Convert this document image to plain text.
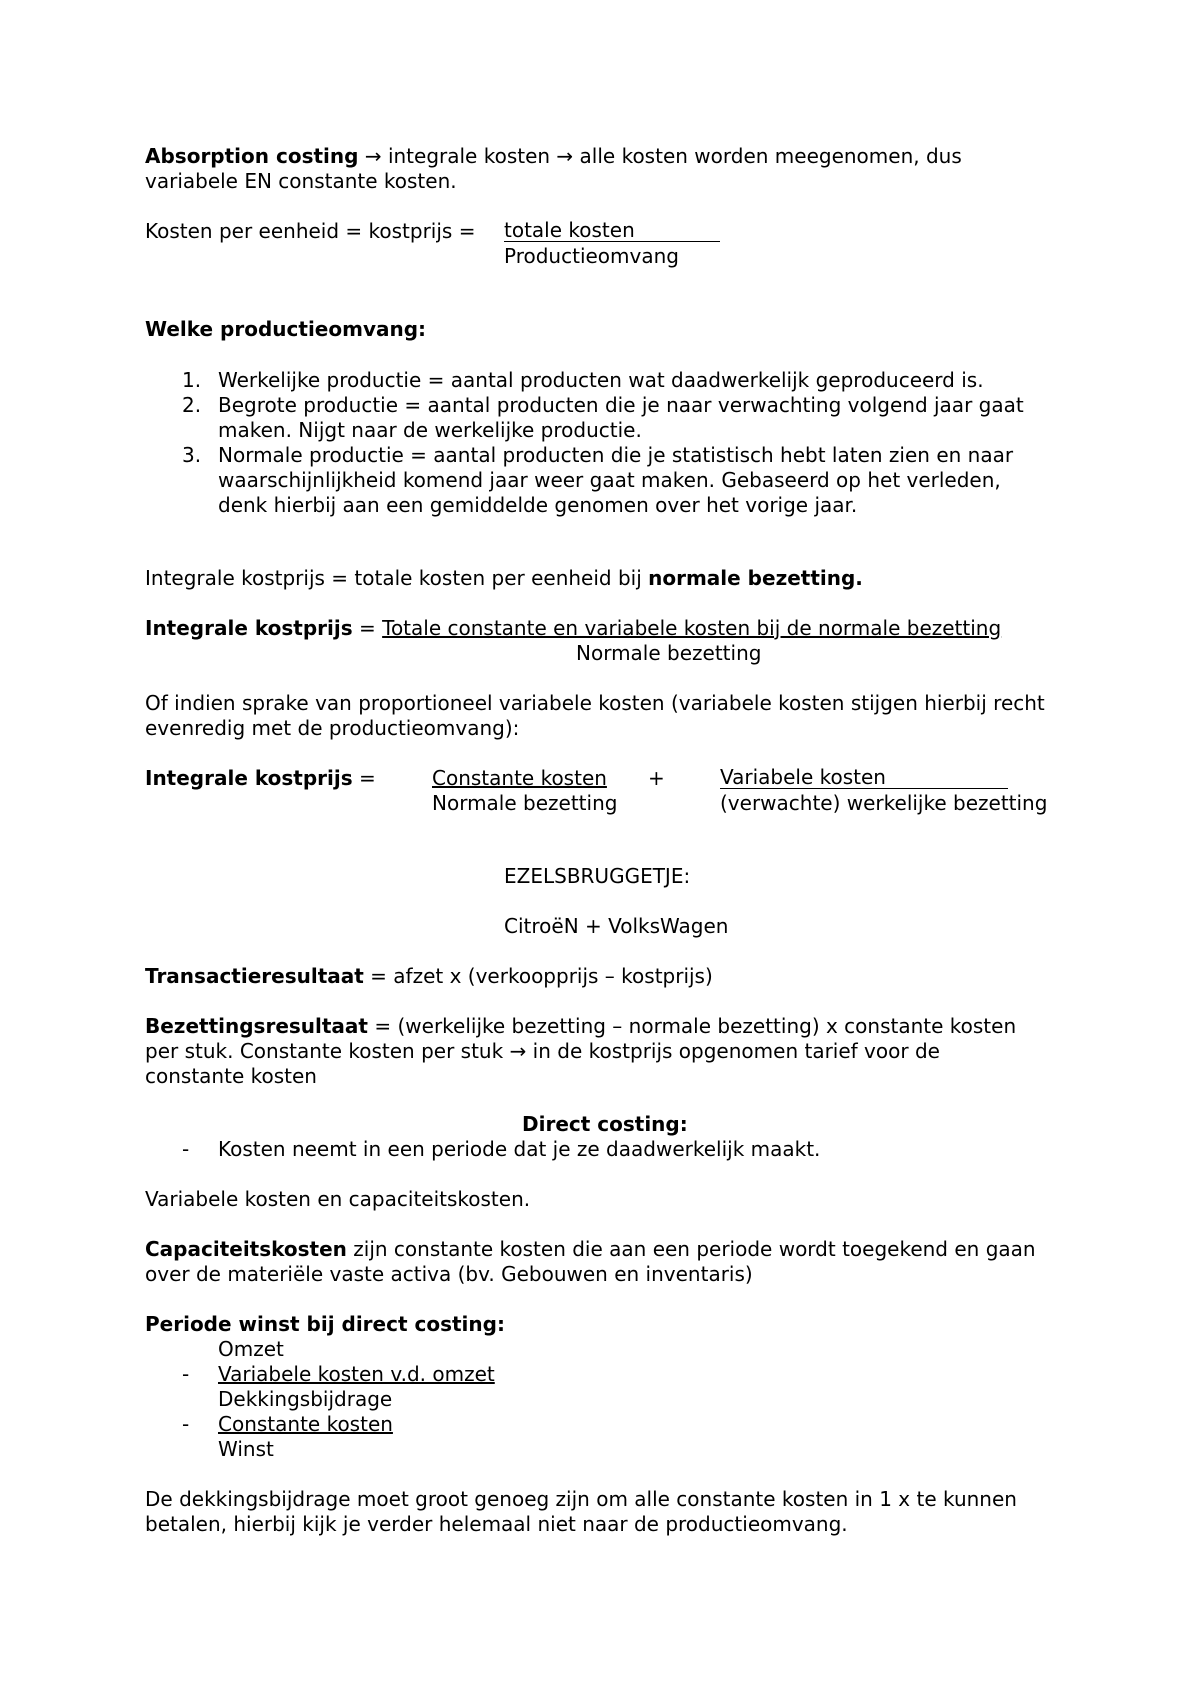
Absorption costing → integrale kosten → alle kosten worden meegenomen, dus
variabele EN constante kosten.
Kosten per eenheid = kostprijs = totale kosten
Productieomvang
Welke productieomvang:
1. Werkelijke productie = aantal producten wat daadwerkelijk geproduceerd is.
2. Begrote productie = aantal producten die je naar verwachting volgend jaar gaat
maken. Nijgt naar de werkelijke productie.
3. Normale productie = aantal producten die je statistisch hebt laten zien en naar
waarschijnlijkheid komend jaar weer gaat maken. Gebaseerd op het verleden,
denk hierbij aan een gemiddelde genomen over het vorige jaar.
Integrale kostprijs = totale kosten per eenheid bij normale bezetting.
Integrale kostprijs = Totale constante en variabele kosten bij de normale bezetting
Normale bezetting
Of indien sprake van proportioneel variabele kosten (variabele kosten stijgen hierbij recht
evenredig met de productieomvang):
Integrale kostprijs =	Constante kosten +	Variabele kosten
Normale bezetting	(verwachte) werkelijke bezetting
EZELSBRUGGETJE:
CitroëN + VolksWagen
Transactieresultaat = afzet x (verkoopprijs – kostprijs)
Bezettingsresultaat = (werkelijke bezetting – normale bezetting) x constante kosten
per stuk. Constante kosten per stuk → in de kostprijs opgenomen tarief voor de
constante kosten
Direct costing:
- Kosten neemt in een periode dat je ze daadwerkelijk maakt.
Variabele kosten en capaciteitskosten.
Capaciteitskosten zijn constante kosten die aan een periode wordt toegekend en gaan
over de materiële vaste activa (bv. Gebouwen en inventaris)
Periode winst bij direct costing:
Omzet
- Variabele kosten v.d. omzet
Dekkingsbijdrage
- Constante kosten
Winst
De dekkingsbijdrage moet groot genoeg zijn om alle constante kosten in 1 x te kunnen
betalen, hierbij kijk je verder helemaal niet naar de productieomvang.
